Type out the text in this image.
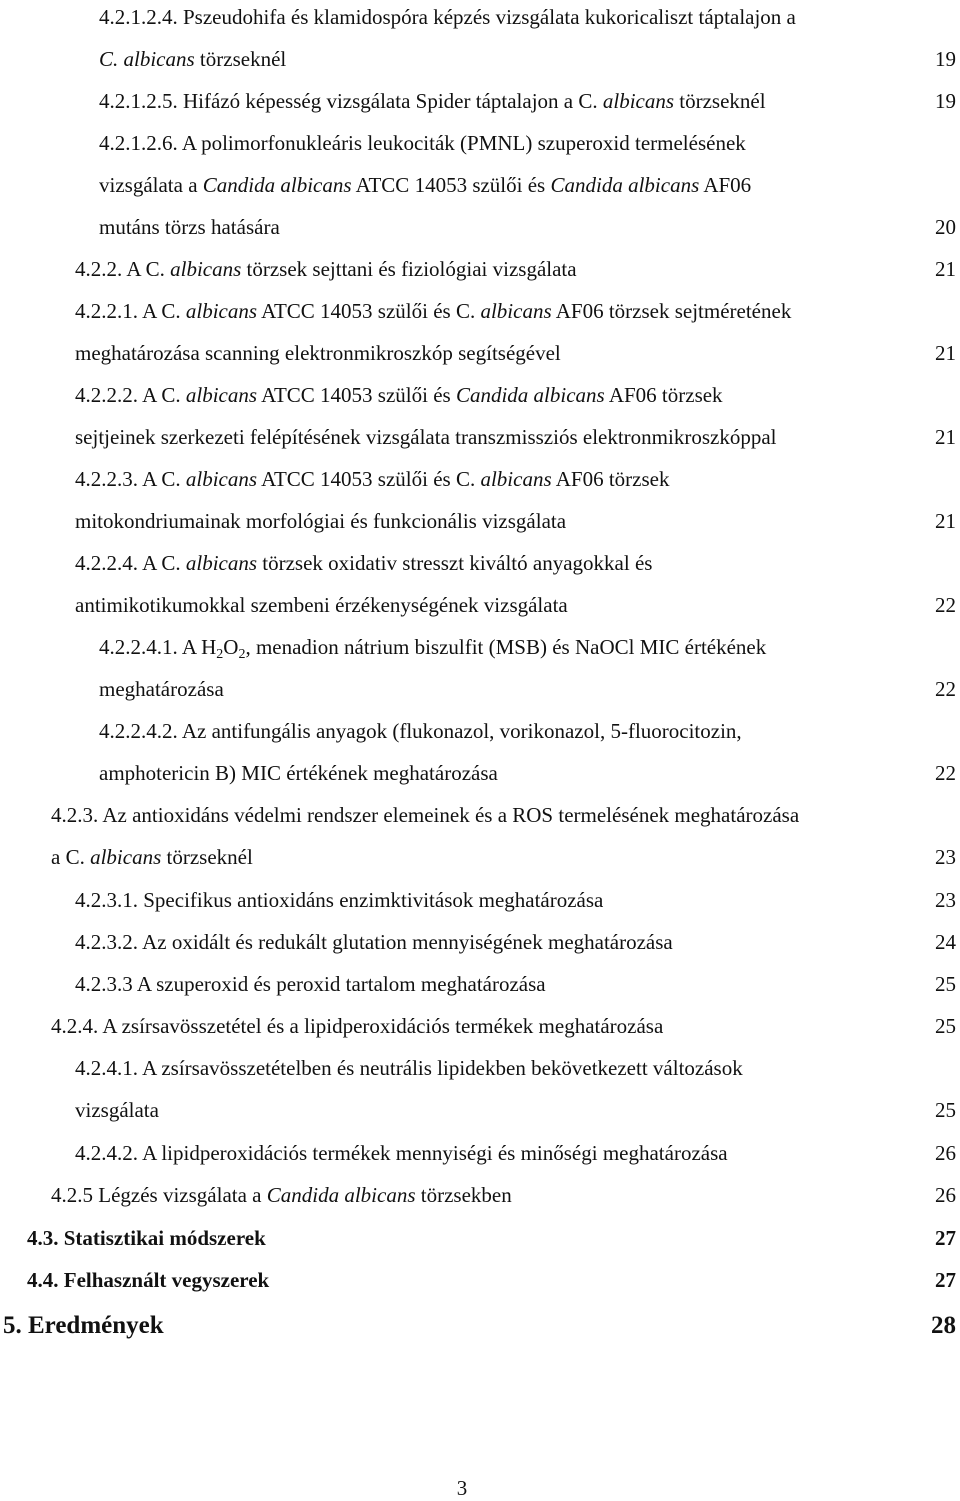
4.2.1.2.4. Pszeudohifa és klamidospóra képzés vizsgálata kukoricaliszt táptalajon a
C. albicans törzseknél	19
4.2.1.2.5. Hifázó képesség vizsgálata Spider táptalajon a C. albicans törzseknél	19
4.2.1.2.6. A polimorfonukleáris leukociták (PMNL) szuperoxid termelésének
vizsgálata a Candida albicans ATCC 14053 szülői és Candida albicans AF06
mutáns törzs hatására	20
4.2.2. A C. albicans törzsek sejttani és fiziológiai vizsgálata	21
4.2.2.1. A C. albicans ATCC 14053 szülői és C. albicans AF06 törzsek sejtméretének
meghatározása scanning elektronmikroszkóp segítségével	21
4.2.2.2. A C. albicans ATCC 14053 szülői és Candida albicans AF06 törzsek
sejtjeinek szerkezeti felépítésének vizsgálata transzmissziós elektronmikroszkóppal	21
4.2.2.3. A C. albicans ATCC 14053 szülői és C. albicans AF06 törzsek
mitokondriumainak morfológiai és funkcionális vizsgálata	21
4.2.2.4. A C. albicans törzsek oxidativ stresszt kiváltó anyagokkal és
antimikotikumokkal szembeni érzékenységének vizsgálata	22
4.2.2.4.1. A $H_2O_2$, menadion nátrium biszulfit (MSB) és NaOCl MIC értékének
meghatározása	22
4.2.2.4.2. Az antifungális anyagok (flukonazol, vorikonazol, 5-fluorocitozin,
amphotericin B) MIC értékének meghatározása	22
4.2.3. Az antioxidáns védelmi rendszer elemeinek és a ROS termelésének meghatározása
a C. albicans törzseknél	23
4.2.3.1. Specifikus antioxidáns enzimktivitások meghatározása	23
4.2.3.2. Az oxidált és redukált glutation mennyiségének meghatározása	24
4.2.3.3 A szuperoxid és peroxid tartalom meghatározása	25
4.2.4. A zsírsavösszetétel és a lipidperoxidációs termékek meghatározása	25
4.2.4.1. A zsírsavösszetételben és neutrális lipidekben bekövetkezett változások
vizsgálata	25
4.2.4.2. A lipidperoxidációs termékek mennyiségi és minőségi meghatározása	26
4.2.5 Légzés vizsgálata a Candida albicans törzsekben	26
4.3. Statisztikai módszerek	27
4.4. Felhasznált vegyszerek	27
5. Eredmények	28
3
